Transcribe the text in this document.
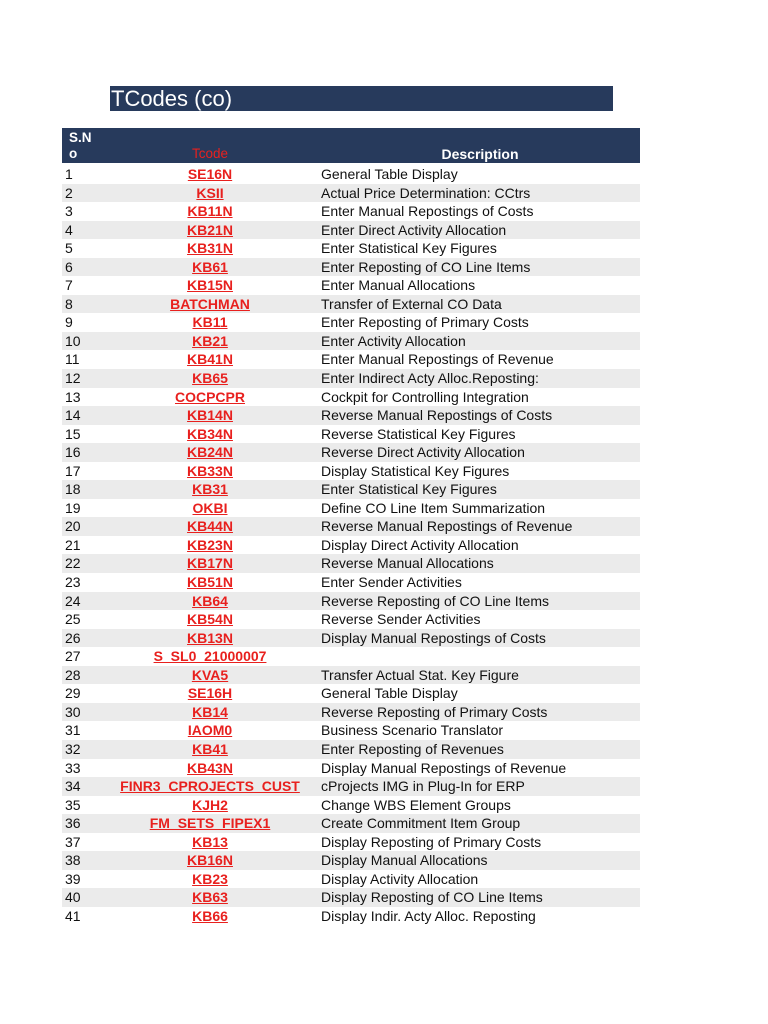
TCodes (co)
S.N
o	Tcode	Description
1	SE16N	General Table Display
2	KSII	Actual Price Determination: CCtrs
3	KB11N	Enter Manual Repostings of Costs
4	KB21N	Enter Direct Activity Allocation
5	KB31N	Enter Statistical Key Figures
6	KB61	Enter Reposting of CO Line Items
7	KB15N	Enter Manual Allocations
8	BATCHMAN	Transfer of External CO Data
9	KB11	Enter Reposting of Primary Costs
10	KB21	Enter Activity Allocation
11	KB41N	Enter Manual Repostings of Revenue
12	KB65	Enter Indirect Acty Alloc.Reposting:
13	COCPCPR	Cockpit for Controlling Integration
14	KB14N	Reverse Manual Repostings of Costs
15	KB34N	Reverse Statistical Key Figures
16	KB24N	Reverse Direct Activity Allocation
17	KB33N	Display Statistical Key Figures
18	KB31	Enter Statistical Key Figures
19	OKBI	Define CO Line Item Summarization
20	KB44N	Reverse Manual Repostings of Revenue
21	KB23N	Display Direct Activity Allocation
22	KB17N	Reverse Manual Allocations
23	KB51N	Enter Sender Activities
24	KB64	Reverse Reposting of CO Line Items
25	KB54N	Reverse Sender Activities
26	KB13N	Display Manual Repostings of Costs
27	S_SL0_21000007
28	KVA5	Transfer Actual Stat. Key Figure
29	SE16H	General Table Display
30	KB14	Reverse Reposting of Primary Costs
31	IAOM0	Business Scenario Translator
32	KB41	Enter Reposting of Revenues
33	KB43N	Display Manual Repostings of Revenue
34	FINR3_CPROJECTS_CUST	cProjects IMG in Plug-In for ERP
35	KJH2	Change WBS Element Groups
36	FM_SETS_FIPEX1	Create Commitment Item Group
37	KB13	Display Reposting of Primary Costs
38	KB16N	Display Manual Allocations
39	KB23	Display Activity Allocation
40	KB63	Display Reposting of CO Line Items
41	KB66	Display Indir. Acty Alloc. Reposting
